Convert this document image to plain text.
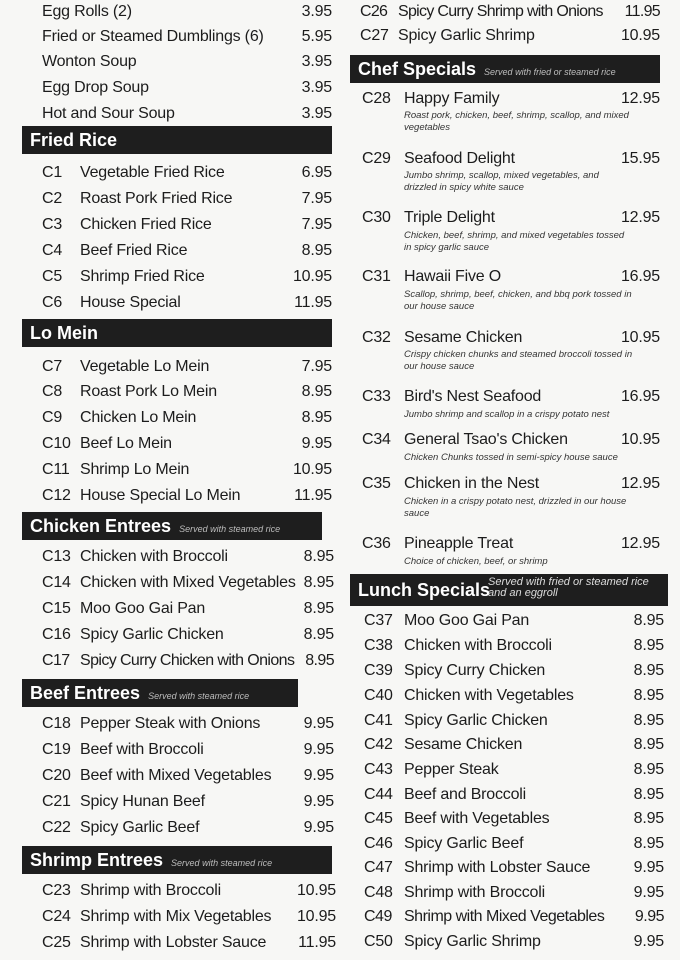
Egg Rolls (2)	3.95
Fried or Steamed Dumblings (6) 5.95
Wonton Soup	3.95
Egg Drop Soup	3.95
Hot and Sour Soup	3.95
Fried Rice
C1 Vegetable Fried Rice	6.95
C2 Roast Pork Fried Rice	7.95
C3 Chicken Fried Rice	7.95
C4 Beef Fried Rice	8.95
C5 Shrimp Fried Rice	10.95
C6 House Special	11.95
Lo Mein
C7 Vegetable Lo Mein	7.95
C8 Roast Pork Lo Mein	8.95
C9 Chicken Lo Mein	8.95
C10 Beef Lo Mein	9.95
C11 Shrimp Lo Mein	10.95
C12 House Special Lo Mein	11.95
Chicken Entrees Served with steamed rice
C13 Chicken with Broccoli	8.95
C14 Chicken with Mixed Vegetables 8.95
C15 Moo Goo Gai Pan	8.95
C16 Spicy Garlic Chicken	8.95
C17 Spicy Curry Chicken with Onions 8.95
Beef Entrees Served with steamed rice
C18 Pepper Steak with Onions	9.95
C19 Beef with Broccoli	9.95
C20 Beef with Mixed Vegetables 9.95
C21 Spicy Hunan Beef	9.95
C22 Spicy Garlic Beef	9.95
Shrimp Entrees Served with steamed rice
C23 Shrimp with Broccoli	10.95
C24 Shrimp with Mix Vegetables 10.95
C25 Shrimp with Lobster Sauce 11.95
C26 Spicy Curry Shrimp with Onions 11.95
C27 Spicy Garlic Shrimp	10.95
Chef Specials Served with fried or steamed rice
C28 Happy Family	12.95
Roast pork, chicken, beef, shrimp, scallop, and mixed vegetables
C29 Seafood Delight	15.95
Jumbo shrimp, scallop, mixed vegetables, and drizzled in spicy white sauce
C30 Triple Delight	12.95
Chicken, beef, shrimp, and mixed vegetables tossed in spicy garlic sauce
C31 Hawaii Five O	16.95
Scallop, shrimp, beef, chicken, and bbq pork tossed in our house sauce
C32 Sesame Chicken	10.95
Crispy chicken chunks and steamed broccoli tossed in our house sauce
C33 Bird's Nest Seafood	16.95
Jumbo shrimp and scallop in a crispy potato nest
C34 General Tsao's Chicken	10.95
Chicken Chunks tossed in semi-spicy house sauce
C35 Chicken in the Nest	12.95
Chicken in a crispy potato nest, drizzled in our house sauce
C36 Pineapple Treat	12.95
Choice of chicken, beef, or shrimp
Lunch Specials
Served with fried or steamed rice and an eggroll
C37 Moo Goo Gai Pan	8.95
C38 Chicken with Broccoli	8.95
C39 Spicy Curry Chicken	8.95
C40 Chicken with Vegetables	8.95
C41 Spicy Garlic Chicken	8.95
C42 Sesame Chicken	8.95
C43 Pepper Steak	8.95
C44 Beef and Broccoli	8.95
C45 Beef with Vegetables	8.95
C46 Spicy Garlic Beef	8.95
C47 Shrimp with Lobster Sauce	9.95
C48 Shrimp with Broccoli	9.95
C49 Shrimp with Mixed Vegetables 9.95
C50 Spicy Garlic Shrimp	9.95
